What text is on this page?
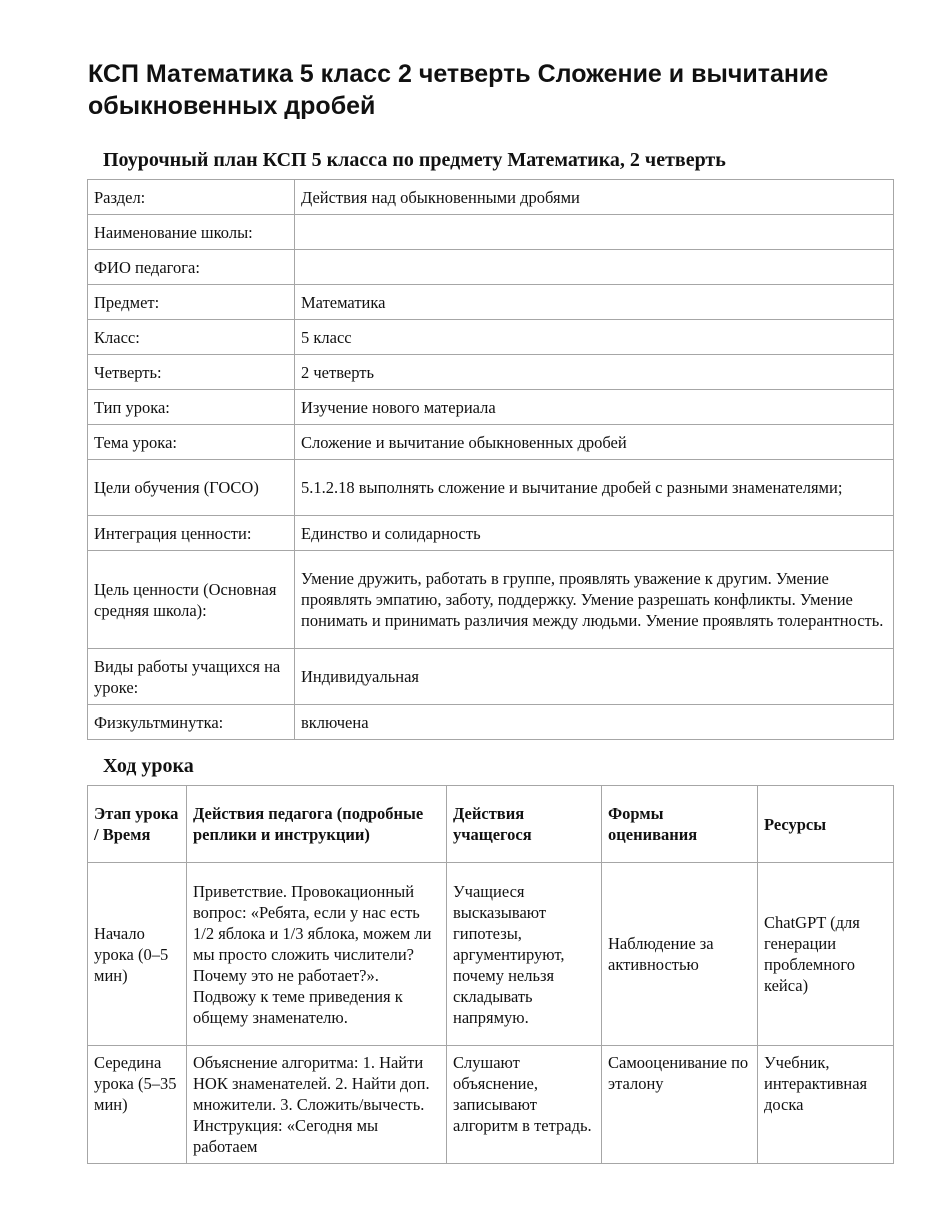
КСП Математика 5 класс 2 четверть Сложение и вычитание обыкновенных дробей
Поурочный план КСП 5 класса по предмету Математика, 2 четверть
Раздел:	Действия над обыкновенными дробями
Наименование школы:	
ФИО педагога:	
Предмет:	Математика
Класс:	5 класс
Четверть:	2 четверть
Тип урока:	Изучение нового материала
Тема урока:	Сложение и вычитание обыкновенных дробей
Цели обучения (ГОСО)	5.1.2.18 выполнять сложение и вычитание дробей с разными знаменателями;
Интеграция ценности:	Единство и солидарность
Цель ценности (Основная средняя школа):	Умение дружить, работать в группе, проявлять уважение к другим. Умение проявлять эмпатию, заботу, поддержку. Умение разрешать конфликты. Умение понимать и принимать различия между людьми. Умение проявлять толерантность.
Виды работы учащихся на уроке:	Индивидуальная
Физкультминутка:	включена
Ход урока
Этап урока / Время	Действия педагога (подробные реплики и инструкции)	Действия учащегося	Формы оценивания	Ресурсы
Начало урока (0–5 мин)	Приветствие. Провокационный вопрос: «Ребята, если у нас есть 1/2 яблока и 1/3 яблока, можем ли мы просто сложить числители? Почему это не работает?». Подвожу к теме приведения к общему знаменателю.	Учащиеся высказывают гипотезы, аргументируют, почему нельзя складывать напрямую.	Наблюдение за активностью	ChatGPT (для генерации проблемного кейса)
Середина урока (5–35 мин)	Объяснение алгоритма: 1. Найти НОК знаменателей. 2. Найти доп. множители. 3. Сложить/вычесть. Инструкция: «Сегодня мы работаем	Слушают объяснение, записывают алгоритм в тетрадь.	Самооценивание по эталону	Учебник, интерактивная доска
